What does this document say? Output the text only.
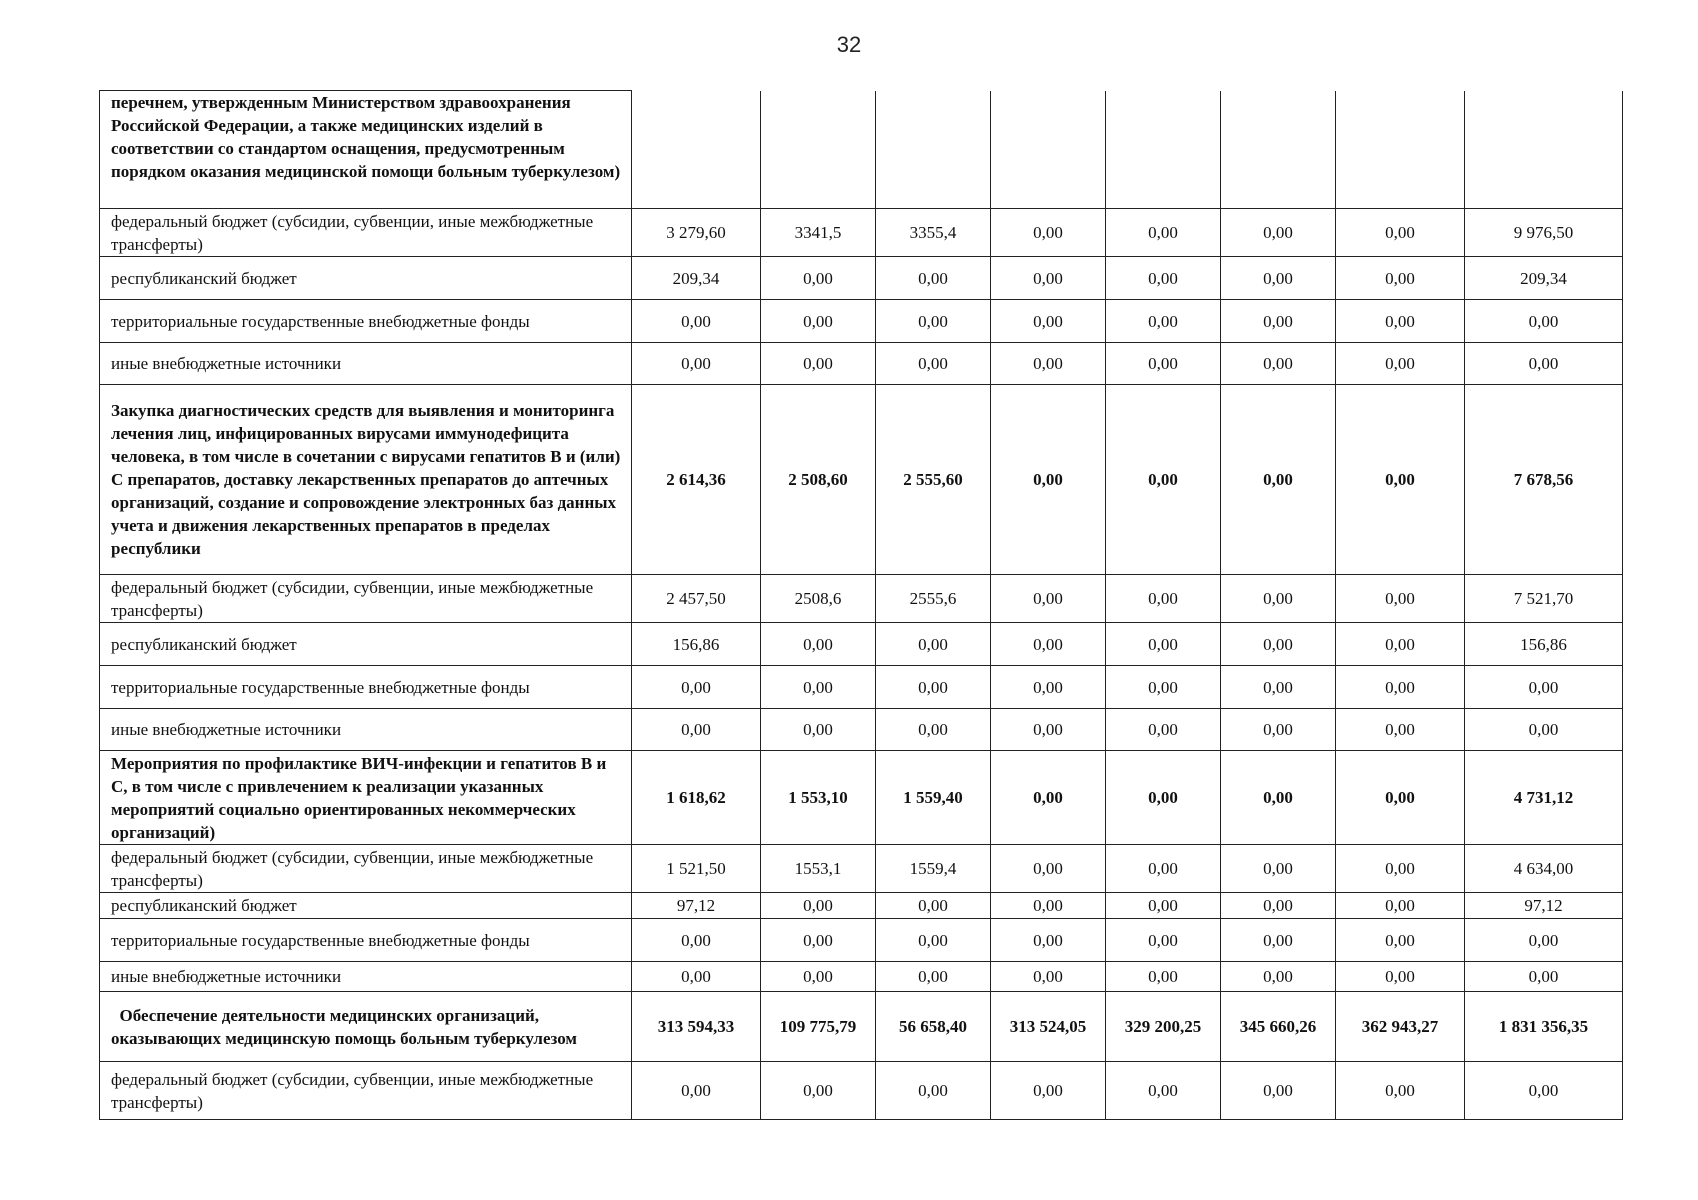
32
перечнем, утвержденным Министерством здравоохранения Российской Федерации, а также медицинских изделий в соответствии со стандартом оснащения, предусмотренным порядком оказания медицинской помощи больным туберкулезом)								
федеральный бюджет (субсидии, субвенции, иные межбюджетные трансферты)	3 279,60	3341,5	3355,4	0,00	0,00	0,00	0,00	9 976,50
республиканский бюджет	209,34	0,00	0,00	0,00	0,00	0,00	0,00	209,34
территориальные государственные внебюджетные фонды	0,00	0,00	0,00	0,00	0,00	0,00	0,00	0,00
иные внебюджетные источники	0,00	0,00	0,00	0,00	0,00	0,00	0,00	0,00
Закупка диагностических средств для выявления и мониторинга лечения лиц, инфицированных вирусами иммунодефицита человека, в том числе в сочетании с вирусами гепатитов В и (или) С препаратов, доставку лекарственных препаратов до аптечных организаций, создание и сопровождение электронных баз данных учета и движения лекарственных препаратов в пределах республики	2 614,36	2 508,60	2 555,60	0,00	0,00	0,00	0,00	7 678,56
федеральный бюджет (субсидии, субвенции, иные межбюджетные трансферты)	2 457,50	2508,6	2555,6	0,00	0,00	0,00	0,00	7 521,70
республиканский бюджет	156,86	0,00	0,00	0,00	0,00	0,00	0,00	156,86
территориальные государственные внебюджетные фонды	0,00	0,00	0,00	0,00	0,00	0,00	0,00	0,00
иные внебюджетные источники	0,00	0,00	0,00	0,00	0,00	0,00	0,00	0,00
Мероприятия по профилактике ВИЧ-инфекции и гепатитов В и С, в том числе с привлечением к реализации указанных мероприятий социально ориентированных некоммерческих организаций)	1 618,62	1 553,10	1 559,40	0,00	0,00	0,00	0,00	4 731,12
федеральный бюджет (субсидии, субвенции, иные межбюджетные трансферты)	1 521,50	1553,1	1559,4	0,00	0,00	0,00	0,00	4 634,00
республиканский бюджет	97,12	0,00	0,00	0,00	0,00	0,00	0,00	97,12
территориальные государственные внебюджетные фонды	0,00	0,00	0,00	0,00	0,00	0,00	0,00	0,00
иные внебюджетные источники	0,00	0,00	0,00	0,00	0,00	0,00	0,00	0,00
Обеспечение деятельности медицинских организаций, оказывающих медицинскую помощь больным туберкулезом	313 594,33	109 775,79	56 658,40	313 524,05	329 200,25	345 660,26	362 943,27	1 831 356,35
федеральный бюджет (субсидии, субвенции, иные межбюджетные трансферты)	0,00	0,00	0,00	0,00	0,00	0,00	0,00	0,00
